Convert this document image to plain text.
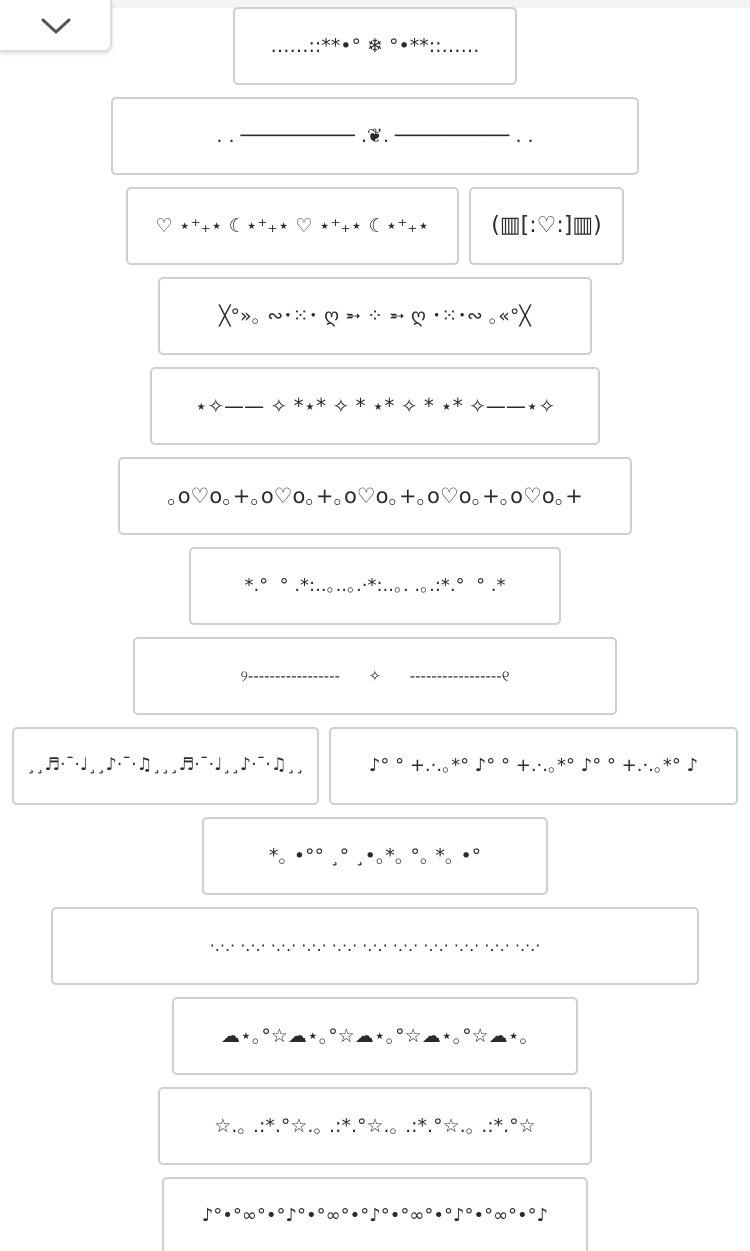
……::**•° ❄ °•**::……
. . ────────── .❦. ────────── . .
♡ ⋆⁺₊⋆ ☾⋆⁺₊⋆ ♡ ⋆⁺₊⋆ ☾⋆⁺₊⋆	(▥[:♡:]▥)
╳°»｡ ∾･⁙･ ღ ➵ ⁘ ➵ ღ ･⁙･∾ ｡«°╳
⋆✧—— ✧ *⋆* ✧ * ⋆* ✧ * ⋆* ✧——⋆✧
｡o♡o｡+｡o♡o｡+｡o♡o｡+｡o♡o｡+｡o♡o｡+
*.°  ° .*:..｡..｡.·*:..｡. .｡.:*.°  ° .*
୨-----------------      ✧      -----------------୧
¸¸♬·¯·♩¸¸♪·¯·♫¸¸¸♬·¯·♩¸¸♪·¯·♫¸¸	♪° ° +.·.｡*° ♪° ° +.·.｡*° ♪° ° +.·.｡*° ♪
*｡ •°° ¸° ¸•｡*｡ °｡ *｡ •°
·.·.· ·.·.· ·.·.· ·.·.· ·.·.· ·.·.· ·.·.· ·.·.· ·.·.· ·.·.· ·.·.·
☁⋆｡°☆☁⋆｡°☆☁⋆｡°☆☁⋆｡°☆☁⋆｡
☆.｡ .:*.°☆.｡ .:*.°☆.｡ .:*.°☆.｡ .:*.°☆
♪°•°∞°•°♪°•°∞°•°♪°•°∞°•°♪°•°∞°•°♪
